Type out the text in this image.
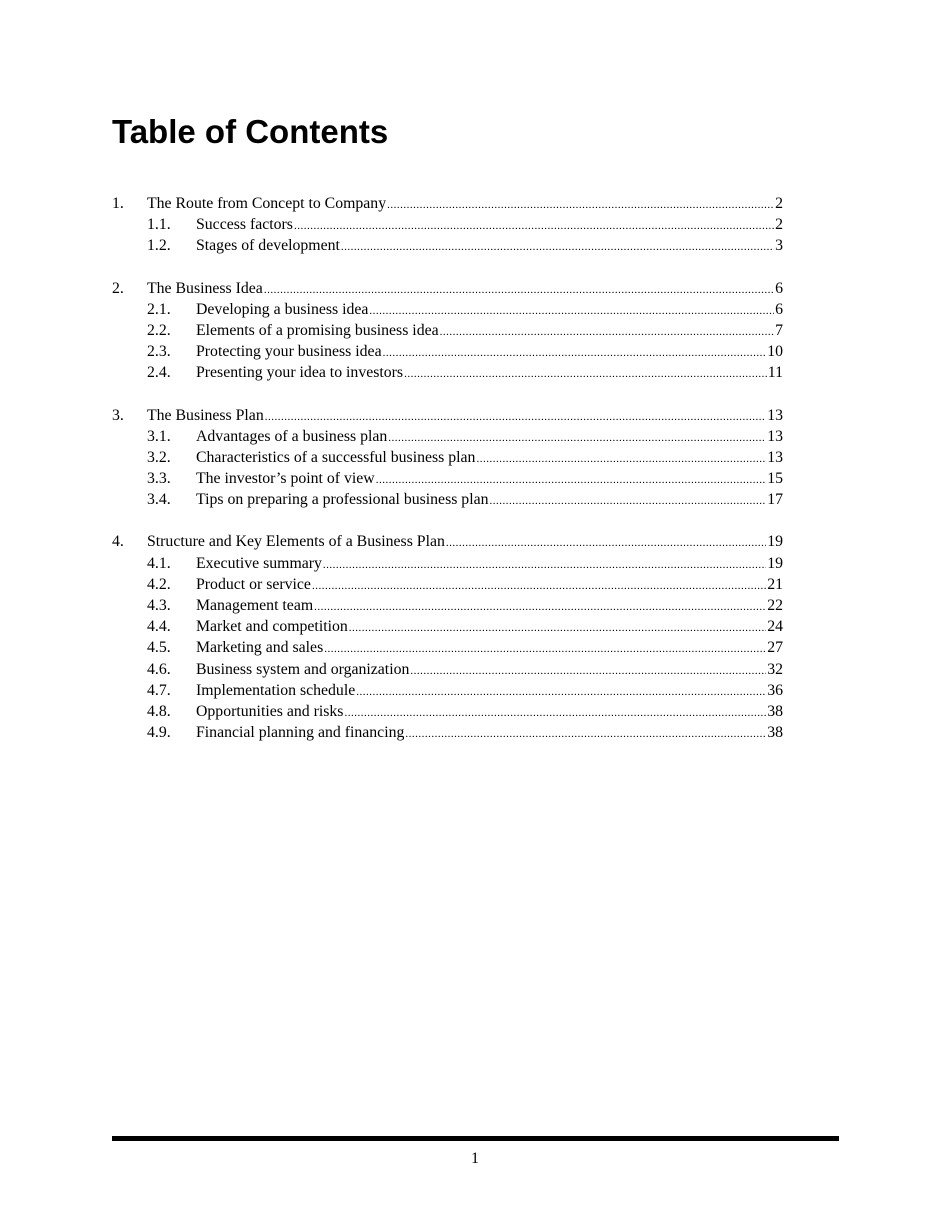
Table of Contents
1.	The Route from Concept to Company .....	2
1.1.	Success factors .....	2
1.2.	Stages of development .....	3
2.	The Business Idea .....	6
2.1.	Developing a business idea .....	6
2.2.	Elements of a promising business idea .....	7
2.3.	Protecting your business idea .....	10
2.4.	Presenting your idea to investors .....	11
3.	The Business Plan .....	13
3.1.	Advantages of a business plan .....	13
3.2.	Characteristics of a successful business plan .....	13
3.3.	The investor’s point of view .....	15
3.4.	Tips on preparing a professional business plan .....	17
4.	Structure and Key Elements of a Business Plan .....	19
4.1.	Executive summary .....	19
4.2.	Product or service .....	21
4.3.	Management team .....	22
4.4.	Market and competition .....	24
4.5.	Marketing and sales .....	27
4.6.	Business system and organization .....	32
4.7.	Implementation schedule .....	36
4.8.	Opportunities and risks .....	38
4.9.	Financial planning and financing .....	38
1
